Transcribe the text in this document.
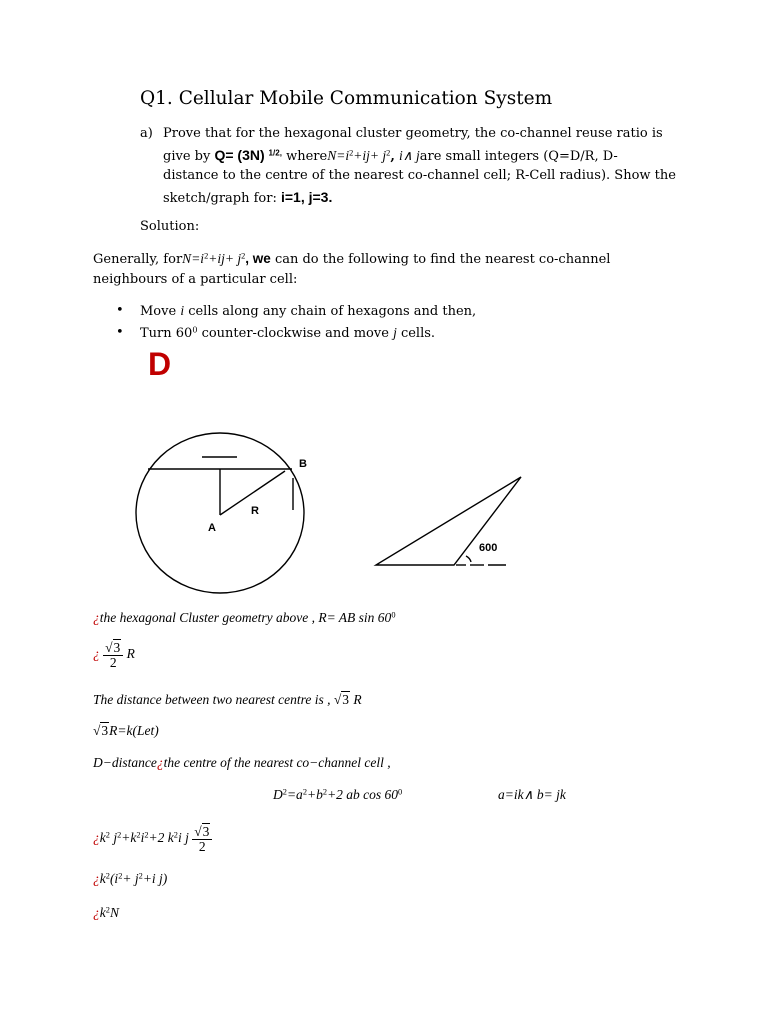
Q1. Cellular Mobile Communication System
a) Prove that for the hexagonal cluster geometry, the co-channel reuse ratio is
give by Q= (3N) $^{1/2,}$ $whereN=i^2+ij+ j^2$, i∧ jare small integers (Q=D/R, D-
distance to the centre of the nearest co-channel cell; R-Cell radius). Show the
sketch/graph for: i=1, j=3.
Solution:
Generally, $forN=i^2+ij+ j^2$, we can do the following to find the nearest co-channel
neighbours of a particular cell:
• Move i cells along any chain of hexagons and then,
• Turn $60^0$ counter-clockwise and move j cells.
D
B
R
A
600
¿the hexagonal Cluster geometry above , R= AB $\sin 60^0$
¿ $\frac{√3}{2}$ R
The distance between two nearest centre is , √3 R
√3R=k(Let)
D−distance¿the centre of the nearest co−channel cell ,
$D^2=a^2+b^2+2$ ab $\cos 60^0$	a=ik∧ b= jk
¿$k^2$ $j^2+k^2i^2+2$ $k^2i$ j $\frac{√3}{2}$
¿$k^2(i^2+ j^2+i$ j)
¿$k^2N$
